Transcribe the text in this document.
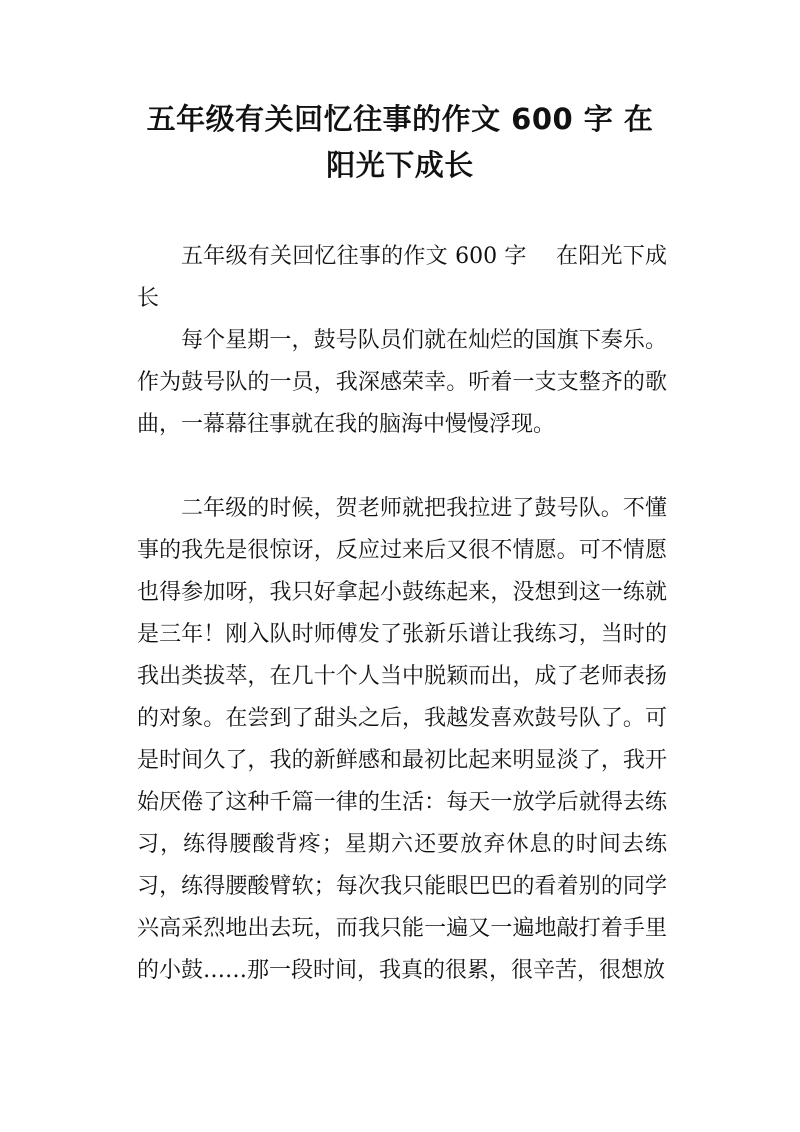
五年级有关回忆往事的作文 600 字 在
阳光下成长

五年级有关回忆往事的作文 600 字　 在阳光下成长

每个星期一，鼓号队员们就在灿烂的国旗下奏乐。作为鼓号队的一员，我深感荣幸。听着一支支整齐的歌曲，一幕幕往事就在我的脑海中慢慢浮现。

二年级的时候，贺老师就把我拉进了鼓号队。不懂事的我先是很惊讶，反应过来后又很不情愿。可不情愿也得参加呀，我只好拿起小鼓练起来，没想到这一练就是三年！刚入队时师傅发了张新乐谱让我练习，当时的我出类拔萃，在几十个人当中脱颖而出，成了老师表扬的对象。在尝到了甜头之后，我越发喜欢鼓号队了。可是时间久了，我的新鲜感和最初比起来明显淡了，我开始厌倦了这种千篇一律的生活：每天一放学后就得去练习，练得腰酸背疼；星期六还要放弃休息的时间去练习，练得腰酸臂软；每次我只能眼巴巴的看着别的同学兴高采烈地出去玩，而我只能一遍又一遍地敲打着手里的小鼓……那一段时间，我真的很累，很辛苦，很想放
